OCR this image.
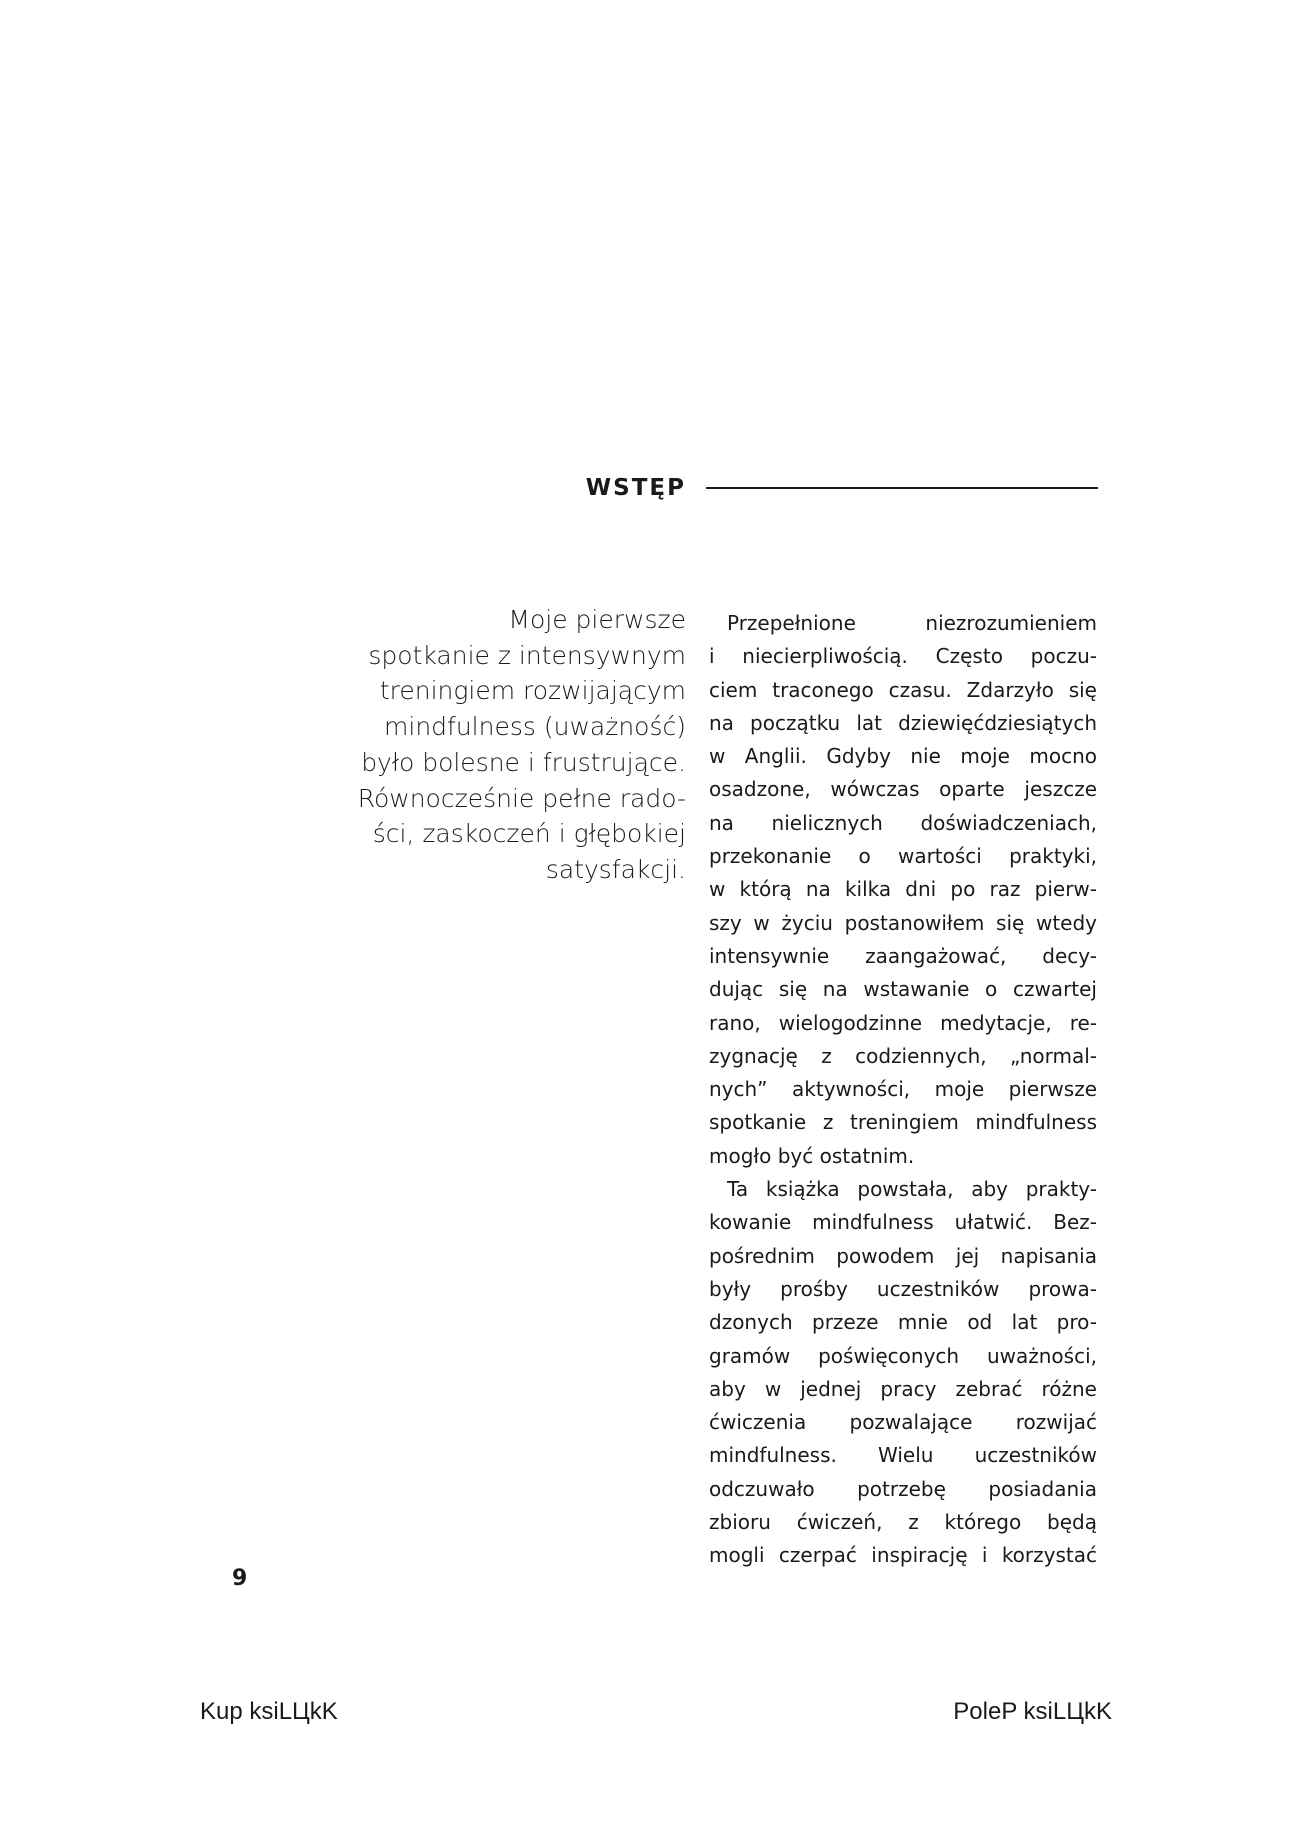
WSTĘP
Moje pierwsze
spotkanie z intensywnym
treningiem rozwijającym
mindfulness (uważność)
było bolesne i frustrujące.
Równocześnie pełne rado-
ści, zaskoczeń i głębokiej
satysfakcji.
Przepełnione niezrozumieniem
i niecierpliwością. Często poczu-
ciem traconego czasu. Zdarzyło się
na początku lat dziewięćdziesiątych
w Anglii. Gdyby nie moje mocno
osadzone, wówczas oparte jeszcze
na nielicznych doświadczeniach,
przekonanie o wartości praktyki,
w którą na kilka dni po raz pierw-
szy w życiu postanowiłem się wtedy
intensywnie zaangażować, decy-
dując się na wstawanie o czwartej
rano, wielogodzinne medytacje, re-
zygnację z codziennych, „normal-
nych” aktywności, moje pierwsze
spotkanie z treningiem mindfulness
mogło być ostatnim.
Ta książka powstała, aby prakty-
kowanie mindfulness ułatwić. Bez-
pośrednim powodem jej napisania
były prośby uczestników prowa-
dzonych przeze mnie od lat pro-
gramów poświęconych uważności,
aby w jednej pracy zebrać różne
ćwiczenia pozwalające rozwijać
mindfulness. Wielu uczestników
odczuwało potrzebę posiadania
zbioru ćwiczeń, z którego będą
mogli czerpać inspirację i korzystać
9
Kup ksiLЦkK	PoleP ksiLЦkK
